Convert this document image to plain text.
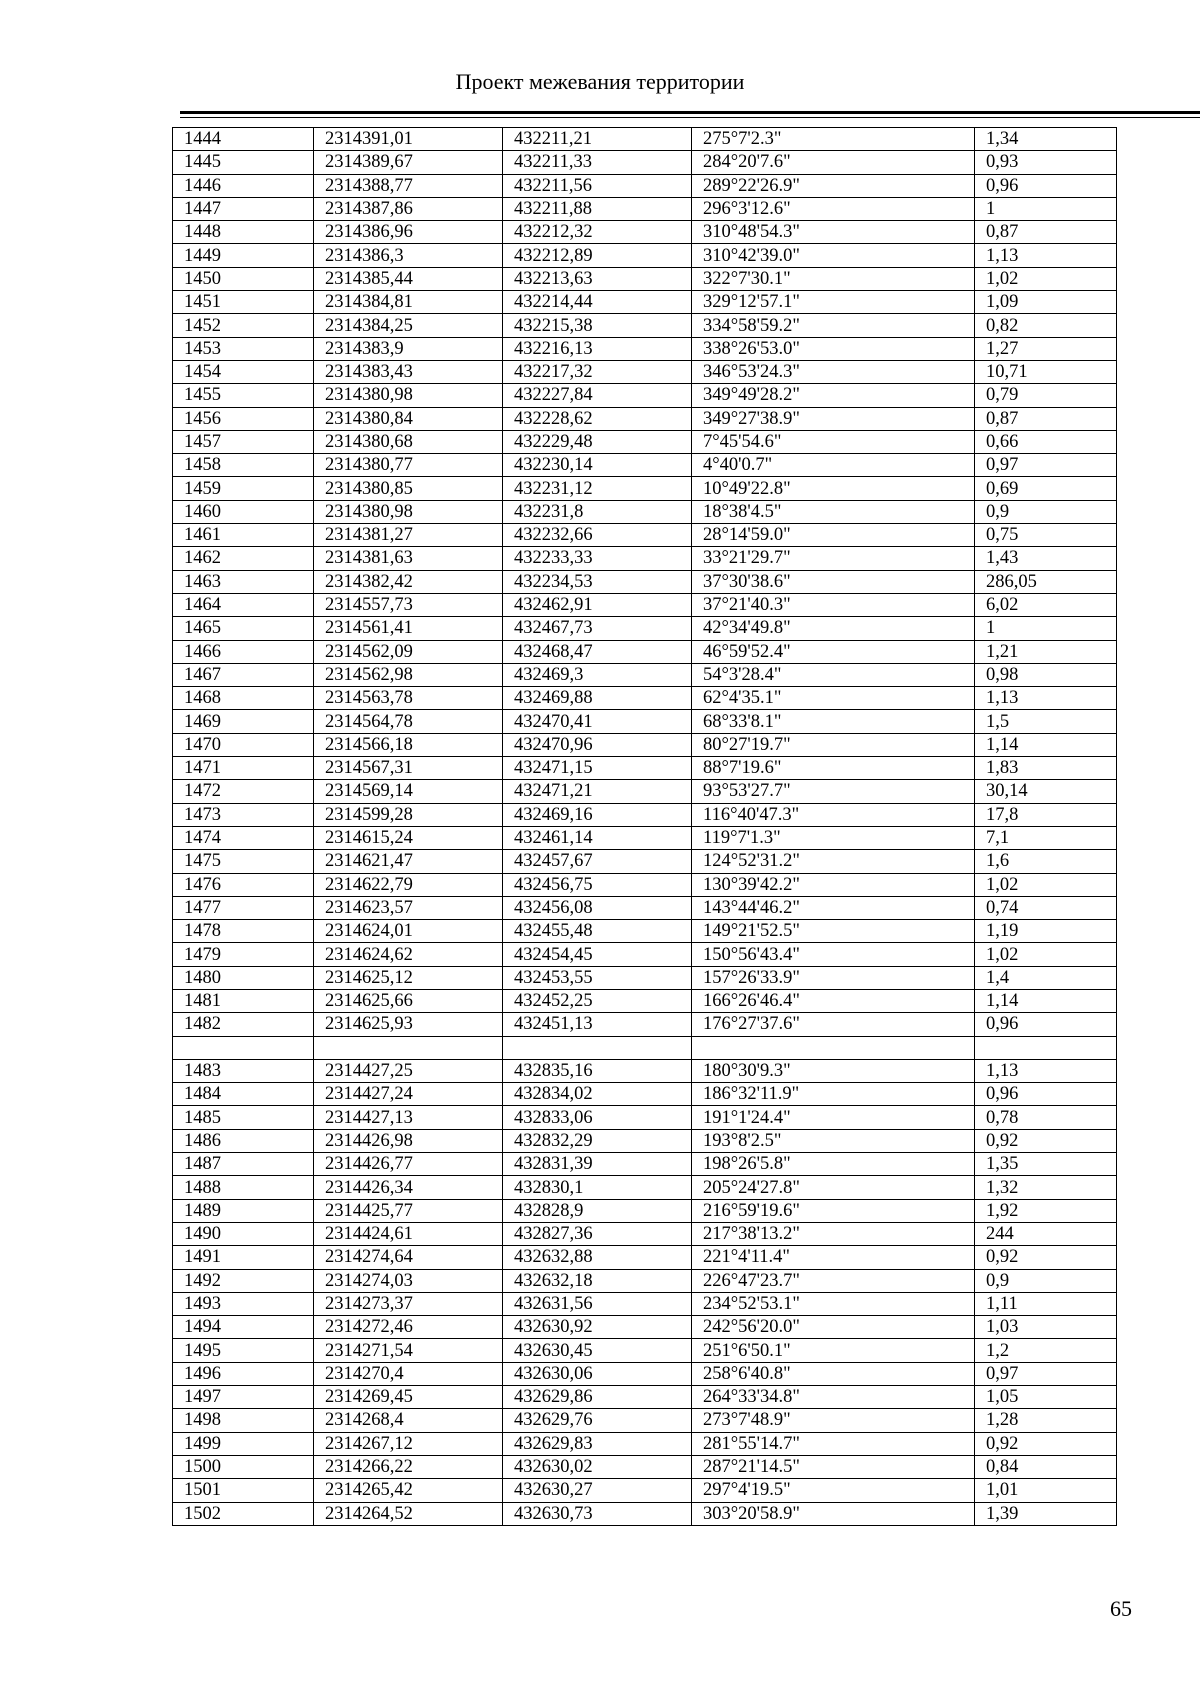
Проект межевания территории
1444	2314391,01	432211,21	275°7'2.3"	1,34
1445	2314389,67	432211,33	284°20'7.6"	0,93
1446	2314388,77	432211,56	289°22'26.9"	0,96
1447	2314387,86	432211,88	296°3'12.6"	1
1448	2314386,96	432212,32	310°48'54.3"	0,87
1449	2314386,3	432212,89	310°42'39.0"	1,13
1450	2314385,44	432213,63	322°7'30.1"	1,02
1451	2314384,81	432214,44	329°12'57.1"	1,09
1452	2314384,25	432215,38	334°58'59.2"	0,82
1453	2314383,9	432216,13	338°26'53.0"	1,27
1454	2314383,43	432217,32	346°53'24.3"	10,71
1455	2314380,98	432227,84	349°49'28.2"	0,79
1456	2314380,84	432228,62	349°27'38.9"	0,87
1457	2314380,68	432229,48	7°45'54.6"	0,66
1458	2314380,77	432230,14	4°40'0.7"	0,97
1459	2314380,85	432231,12	10°49'22.8"	0,69
1460	2314380,98	432231,8	18°38'4.5"	0,9
1461	2314381,27	432232,66	28°14'59.0"	0,75
1462	2314381,63	432233,33	33°21'29.7"	1,43
1463	2314382,42	432234,53	37°30'38.6"	286,05
1464	2314557,73	432462,91	37°21'40.3"	6,02
1465	2314561,41	432467,73	42°34'49.8"	1
1466	2314562,09	432468,47	46°59'52.4"	1,21
1467	2314562,98	432469,3	54°3'28.4"	0,98
1468	2314563,78	432469,88	62°4'35.1"	1,13
1469	2314564,78	432470,41	68°33'8.1"	1,5
1470	2314566,18	432470,96	80°27'19.7"	1,14
1471	2314567,31	432471,15	88°7'19.6"	1,83
1472	2314569,14	432471,21	93°53'27.7"	30,14
1473	2314599,28	432469,16	116°40'47.3"	17,8
1474	2314615,24	432461,14	119°7'1.3"	7,1
1475	2314621,47	432457,67	124°52'31.2"	1,6
1476	2314622,79	432456,75	130°39'42.2"	1,02
1477	2314623,57	432456,08	143°44'46.2"	0,74
1478	2314624,01	432455,48	149°21'52.5"	1,19
1479	2314624,62	432454,45	150°56'43.4"	1,02
1480	2314625,12	432453,55	157°26'33.9"	1,4
1481	2314625,66	432452,25	166°26'46.4"	1,14
1482	2314625,93	432451,13	176°27'37.6"	0,96

1483	2314427,25	432835,16	180°30'9.3"	1,13
1484	2314427,24	432834,02	186°32'11.9"	0,96
1485	2314427,13	432833,06	191°1'24.4"	0,78
1486	2314426,98	432832,29	193°8'2.5"	0,92
1487	2314426,77	432831,39	198°26'5.8"	1,35
1488	2314426,34	432830,1	205°24'27.8"	1,32
1489	2314425,77	432828,9	216°59'19.6"	1,92
1490	2314424,61	432827,36	217°38'13.2"	244
1491	2314274,64	432632,88	221°4'11.4"	0,92
1492	2314274,03	432632,18	226°47'23.7"	0,9
1493	2314273,37	432631,56	234°52'53.1"	1,11
1494	2314272,46	432630,92	242°56'20.0"	1,03
1495	2314271,54	432630,45	251°6'50.1"	1,2
1496	2314270,4	432630,06	258°6'40.8"	0,97
1497	2314269,45	432629,86	264°33'34.8"	1,05
1498	2314268,4	432629,76	273°7'48.9"	1,28
1499	2314267,12	432629,83	281°55'14.7"	0,92
1500	2314266,22	432630,02	287°21'14.5"	0,84
1501	2314265,42	432630,27	297°4'19.5"	1,01
1502	2314264,52	432630,73	303°20'58.9"	1,39
65
